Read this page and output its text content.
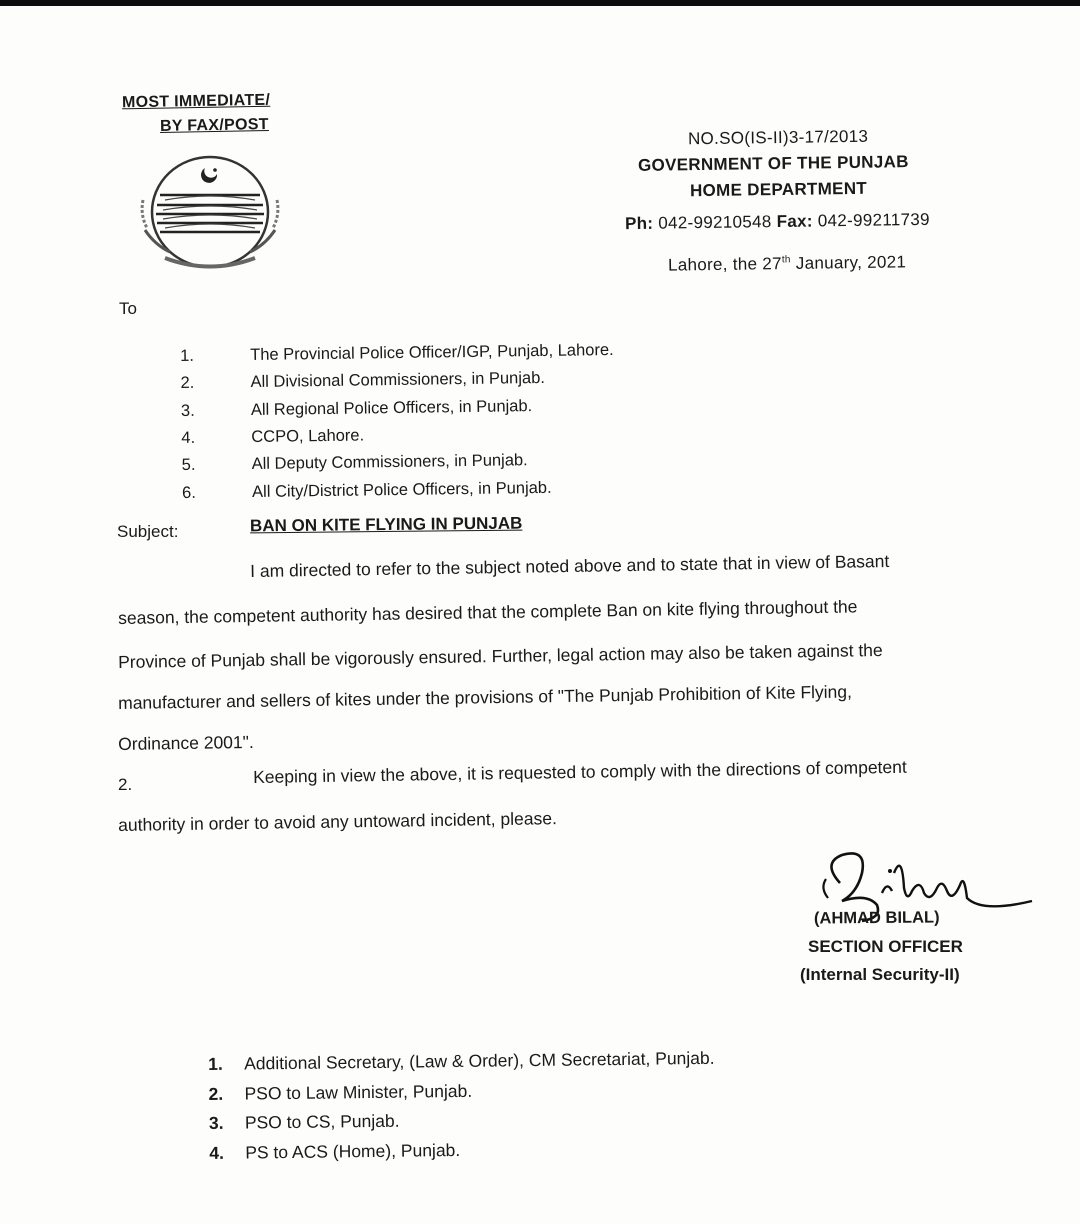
MOST IMMEDIATE/
BY FAX/POST
NO.SO(IS-II)3-17/2013
GOVERNMENT OF THE PUNJAB
HOME DEPARTMENT
Ph: 042-99210548 Fax: 042-99211739
Lahore, the 27th January, 2021
To
1.	The Provincial Police Officer/IGP, Punjab, Lahore.
2.	All Divisional Commissioners, in Punjab.
3.	All Regional Police Officers, in Punjab.
4.	CCPO, Lahore.
5.	All Deputy Commissioners, in Punjab.
6.	All City/District Police Officers, in Punjab.
Subject:	BAN ON KITE FLYING IN PUNJAB
I am directed to refer to the subject noted above and to state that in view of Basant
season, the competent authority has desired that the complete Ban on kite flying throughout the
Province of Punjab shall be vigorously ensured. Further, legal action may also be taken against the
manufacturer and sellers of kites under the provisions of "The Punjab Prohibition of Kite Flying,
Ordinance 2001".
2.	Keeping in view the above, it is requested to comply with the directions of competent
authority in order to avoid any untoward incident, please.
(AHMAD BILAL)
SECTION OFFICER
(Internal Security-II)
1.	Additional Secretary, (Law & Order), CM Secretariat, Punjab.
2.	PSO to Law Minister, Punjab.
3.	PSO to CS, Punjab.
4.	PS to ACS (Home), Punjab.
